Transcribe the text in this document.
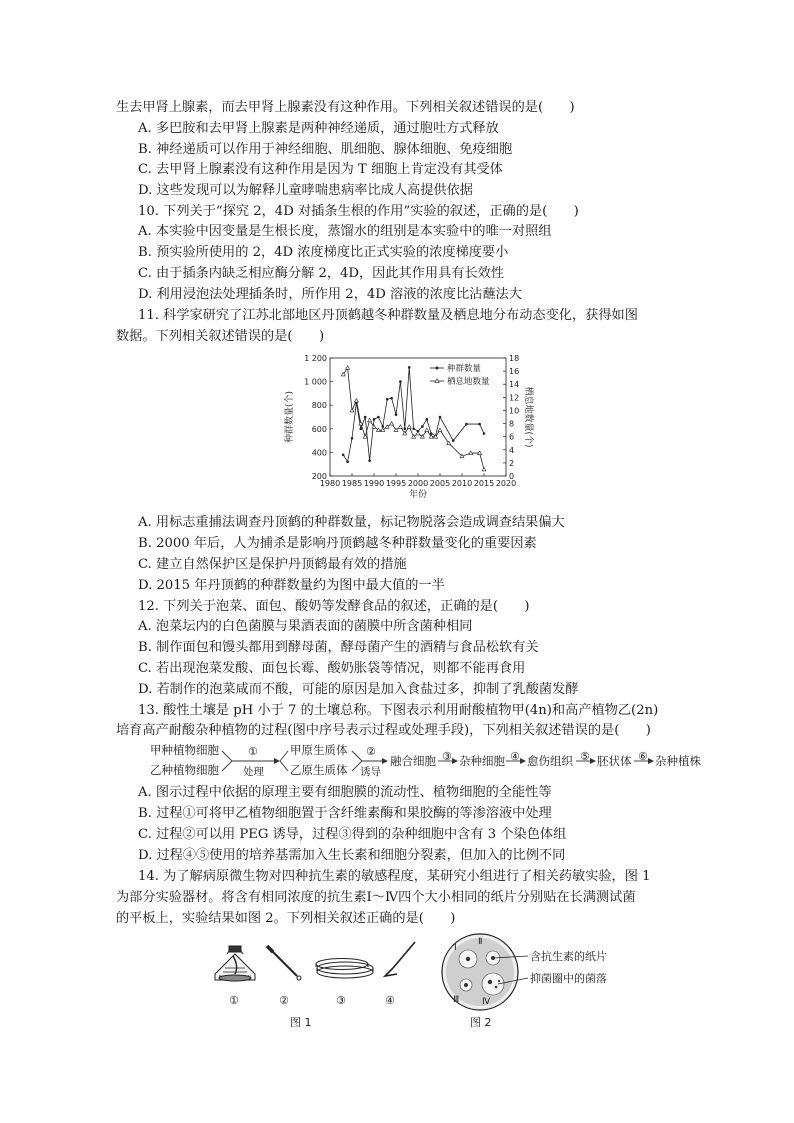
生去甲肾上腺素，而去甲肾上腺素没有这种作用。下列相关叙述错误的是(　　)
A. 多巴胺和去甲肾上腺素是两种神经递质，通过胞吐方式释放
B. 神经递质可以作用于神经细胞、肌细胞、腺体细胞、免疫细胞
C. 去甲肾上腺素没有这种作用是因为 T 细胞上肯定没有其受体
D. 这些发现可以为解释儿童哮喘患病率比成人高提供依据
10. 下列关于“探究 2，4D 对插条生根的作用”实验的叙述，正确的是(　　)
A. 本实验中因变量是生根长度，蒸馏水的组别是本实验中的唯一对照组
B. 预实验所使用的 2，4D 浓度梯度比正式实验的浓度梯度要小
C. 由于插条内缺乏相应酶分解 2，4D，因此其作用具有长效性
D. 利用浸泡法处理插条时，所作用 2，4D 溶液的浓度比沾蘸法大
11. 科学家研究了江苏北部地区丹顶鹤越冬种群数量及栖息地分布动态变化，获得如图
数据。下列相关叙述错误的是(　　)
1980 1985 1990 1995 2000 2005 2010 2015 2020
200
400
600
800
1 000
1 200
0
2
4
6
8
10
12
14
16
18
年份
种群数量(个)	栖息地数量(个)
种群数量
栖息地数量
A. 用标志重捕法调查丹顶鹤的种群数量，标记物脱落会造成调查结果偏大
B. 2000 年后，人为捕杀是影响丹顶鹤越冬种群数量变化的重要因素
C. 建立自然保护区是保护丹顶鹤最有效的措施
D. 2015 年丹顶鹤的种群数量约为图中最大值的一半
12. 下列关于泡菜、面包、酸奶等发酵食品的叙述，正确的是(　　)
A. 泡菜坛内的白色菌膜与果酒表面的菌膜中所含菌种相同
B. 制作面包和馒头都用到酵母菌，酵母菌产生的酒精与食品松软有关
C. 若出现泡菜发酸、面包长霉、酸奶胀袋等情况，则都不能再食用
D. 若制作的泡菜咸而不酸，可能的原因是加入食盐过多，抑制了乳酸菌发酵
13. 酸性土壤是 pH 小于 7 的土壤总称。下图表示利用耐酸植物甲(4n)和高产植物乙(2n)
培育高产耐酸杂种植物的过程(图中序号表示过程或处理手段)，下列相关叙述错误的是(　　)
甲种植物细胞
乙种植物细胞
①
处理
甲原生质体
乙原生质体
②
诱导
融合细胞 ③ 杂种细胞 ④ 愈伤组织 ⑤ 胚状体 ⑥ 杂种植株
A. 图示过程中依据的原理主要有细胞膜的流动性、植物细胞的全能性等
B. 过程①可将甲乙植物细胞置于含纤维素酶和果胶酶的等渗溶液中处理
C. 过程②可以用 PEG 诱导，过程③得到的杂种细胞中含有 3 个染色体组
D. 过程④⑤使用的培养基需加入生长素和细胞分裂素，但加入的比例不同
14. 为了解病原微生物对四种抗生素的敏感程度，某研究小组进行了相关药敏实验，图 1
为部分实验器材。将含有相同浓度的抗生素Ⅰ～Ⅳ四个大小相同的纸片分别贴在长满测试菌
的平板上，实验结果如图 2。下列相关叙述正确的是(　　)
①	②	③	④
图 1
Ⅰ
Ⅱ
Ⅲ	Ⅳ
含抗生素的纸片
抑菌圈中的菌落
图 2
